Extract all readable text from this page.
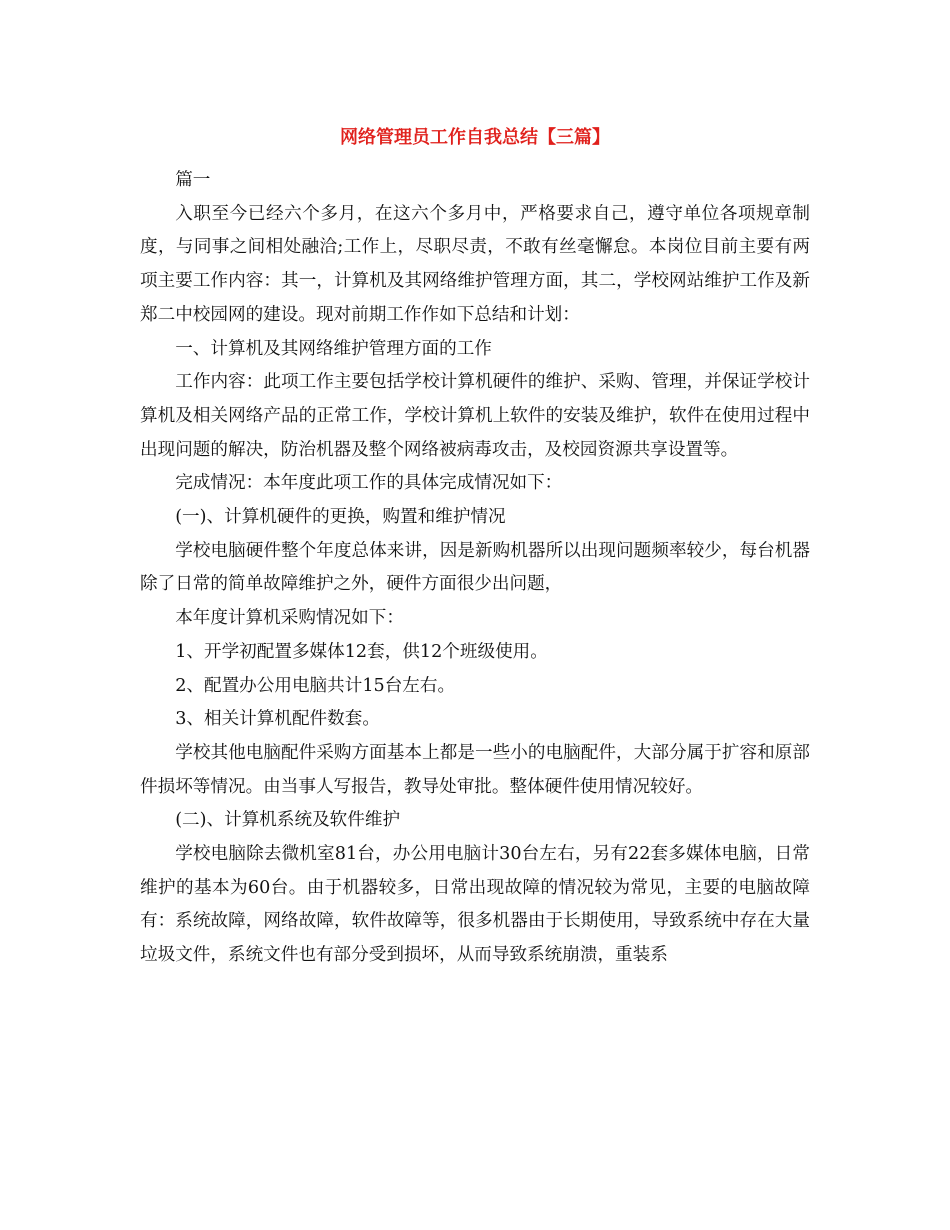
网络管理员工作自我总结【三篇】

篇一

入职至今已经六个多月，在这六个多月中，严格要求自己，遵守单位各项规章制度，与同事之间相处融洽;工作上，尽职尽责，不敢有丝毫懈怠。本岗位目前主要有两项主要工作内容：其一，计算机及其网络维护管理方面，其二，学校网站维护工作及新郑二中校园网的建设。现对前期工作作如下总结和计划：

一、计算机及其网络维护管理方面的工作

工作内容：此项工作主要包括学校计算机硬件的维护、采购、管理，并保证学校计算机及相关网络产品的正常工作，学校计算机上软件的安装及维护，软件在使用过程中出现问题的解决，防治机器及整个网络被病毒攻击，及校园资源共享设置等。

完成情况：本年度此项工作的具体完成情况如下：

(一)、计算机硬件的更换，购置和维护情况

学校电脑硬件整个年度总体来讲，因是新购机器所以出现问题频率较少，每台机器除了日常的简单故障维护之外，硬件方面很少出问题，

本年度计算机采购情况如下：

1、开学初配置多媒体12套，供12个班级使用。

2、配置办公用电脑共计15台左右。

3、相关计算机配件数套。

学校其他电脑配件采购方面基本上都是一些小的电脑配件，大部分属于扩容和原部件损坏等情况。由当事人写报告，教导处审批。整体硬件使用情况较好。

(二)、计算机系统及软件维护

学校电脑除去微机室81台，办公用电脑计30台左右，另有22套多媒体电脑，日常维护的基本为60台。由于机器较多，日常出现故障的情况较为常见，主要的电脑故障有：系统故障，网络故障，软件故障等，很多机器由于长期使用，导致系统中存在大量垃圾文件，系统文件也有部分受到损坏，从而导致系统崩溃，重装系
